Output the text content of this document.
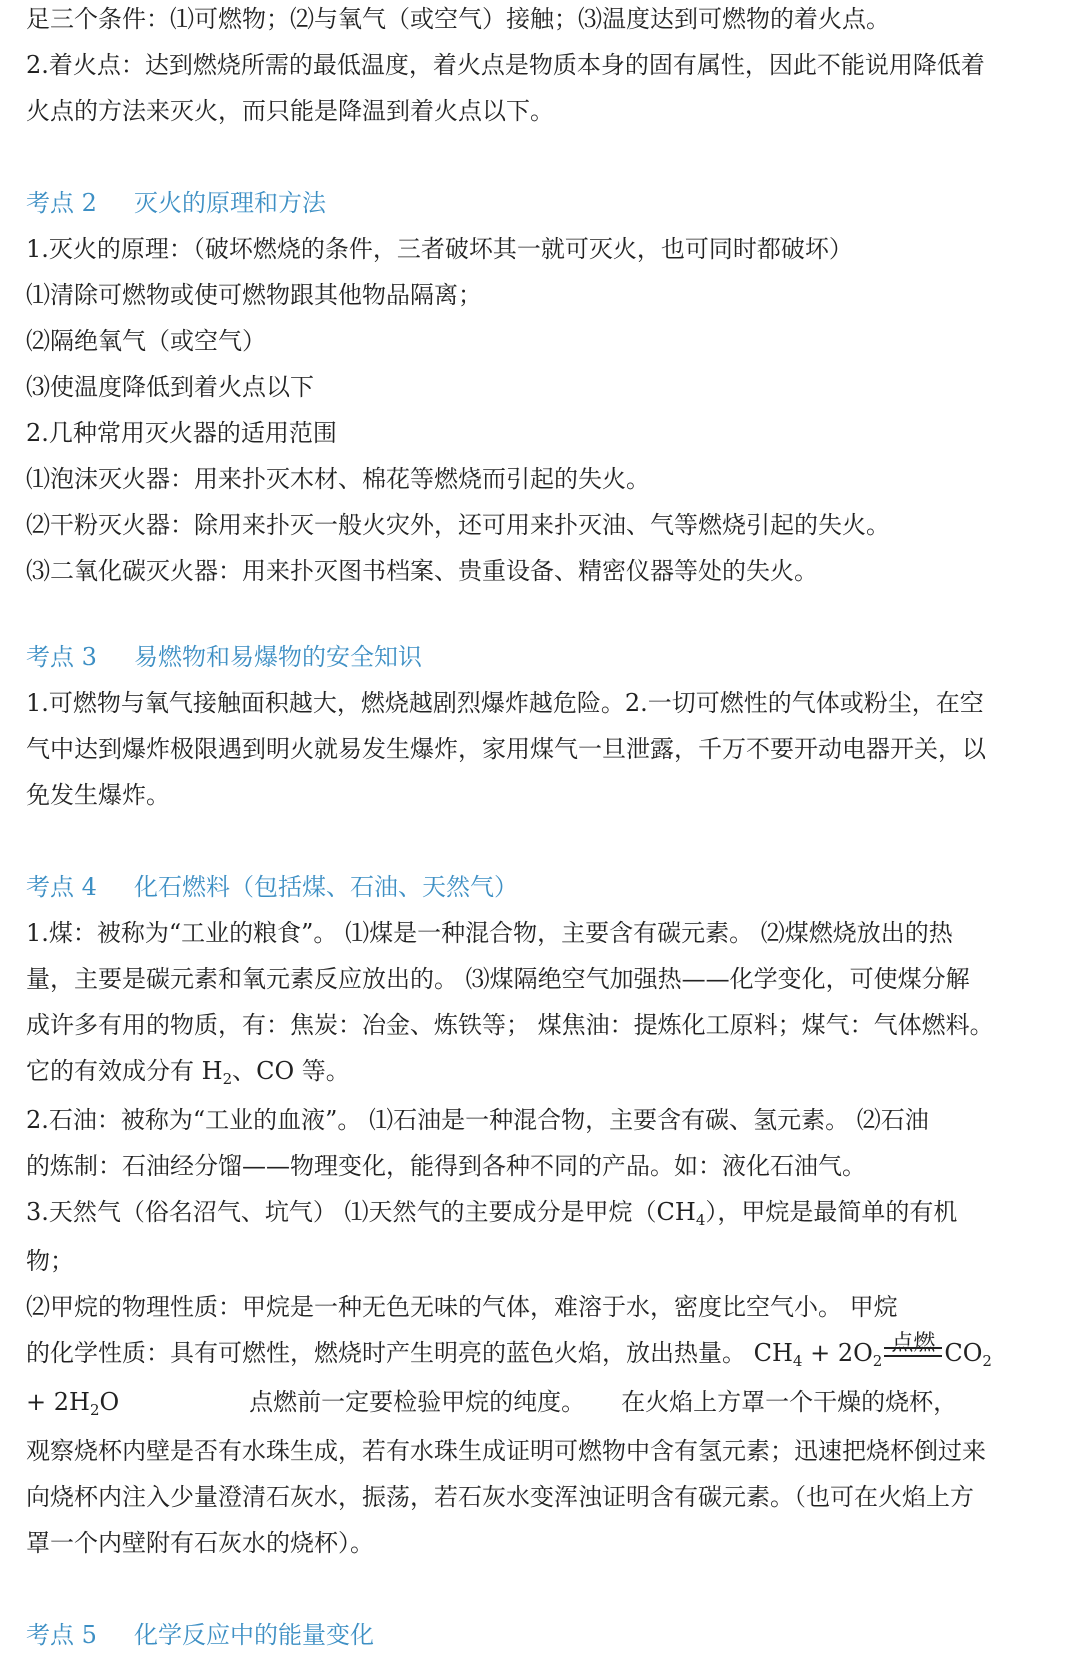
足三个条件：⑴可燃物；⑵与氧气（或空气）接触；⑶温度达到可燃物的着火点。
2.着火点：达到燃烧所需的最低温度，着火点是物质本身的固有属性，因此不能说用降低着
火点的方法来灭火，而只能是降温到着火点以下。
考点 2 灭火的原理和方法
1.灭火的原理：（破坏燃烧的条件，三者破坏其一就可灭火，也可同时都破坏）
⑴清除可燃物或使可燃物跟其他物品隔离；
⑵隔绝氧气（或空气）
⑶使温度降低到着火点以下
2.几种常用灭火器的适用范围
⑴泡沫灭火器：用来扑灭木材、棉花等燃烧而引起的失火。
⑵干粉灭火器：除用来扑灭一般火灾外，还可用来扑灭油、气等燃烧引起的失火。
⑶二氧化碳灭火器：用来扑灭图书档案、贵重设备、精密仪器等处的失火。
考点 3 易燃物和易爆物的安全知识
1.可燃物与氧气接触面积越大，燃烧越剧烈爆炸越危险。2.一切可燃性的气体或粉尘，在空
气中达到爆炸极限遇到明火就易发生爆炸，家用煤气一旦泄露，千万不要开动电器开关，以
免发生爆炸。
考点 4 化石燃料（包括煤、石油、天然气）
1.煤：被称为“工业的粮食”。 ⑴煤是一种混合物，主要含有碳元素。 ⑵煤燃烧放出的热
量，主要是碳元素和氧元素反应放出的。 ⑶煤隔绝空气加强热——化学变化，可使煤分解
成许多有用的物质，有：焦炭：冶金、炼铁等； 煤焦油：提炼化工原料；煤气：气体燃料。
它的有效成分有 $H_2$、CO 等。
2.石油：被称为“工业的血液”。 ⑴石油是一种混合物，主要含有碳、氢元素。 ⑵石油
的炼制：石油经分馏——物理变化，能得到各种不同的产品。如：液化石油气。
3.天然气（俗名沼气、坑气） ⑴天然气的主要成分是甲烷$(CH_4)$，甲烷是最简单的有机
物；
⑵甲烷的物理性质：甲烷是一种无色无味的气体，难溶于水，密度比空气小。 甲烷
的化学性质：具有可燃性，燃烧时产生明亮的蓝色火焰，放出热量。 $CH_4 + 2O_2$
点燃 $CO_2$
+ $2H_2O$	点燃前一定要检验甲烷的纯度。 在火焰上方罩一个干燥的烧杯，
观察烧杯内壁是否有水珠生成，若有水珠生成证明可燃物中含有氢元素；迅速把烧杯倒过来
向烧杯内注入少量澄清石灰水，振荡，若石灰水变浑浊证明含有碳元素。（也可在火焰上方
罩一个内壁附有石灰水的烧杯）。
考点 5 化学反应中的能量变化
